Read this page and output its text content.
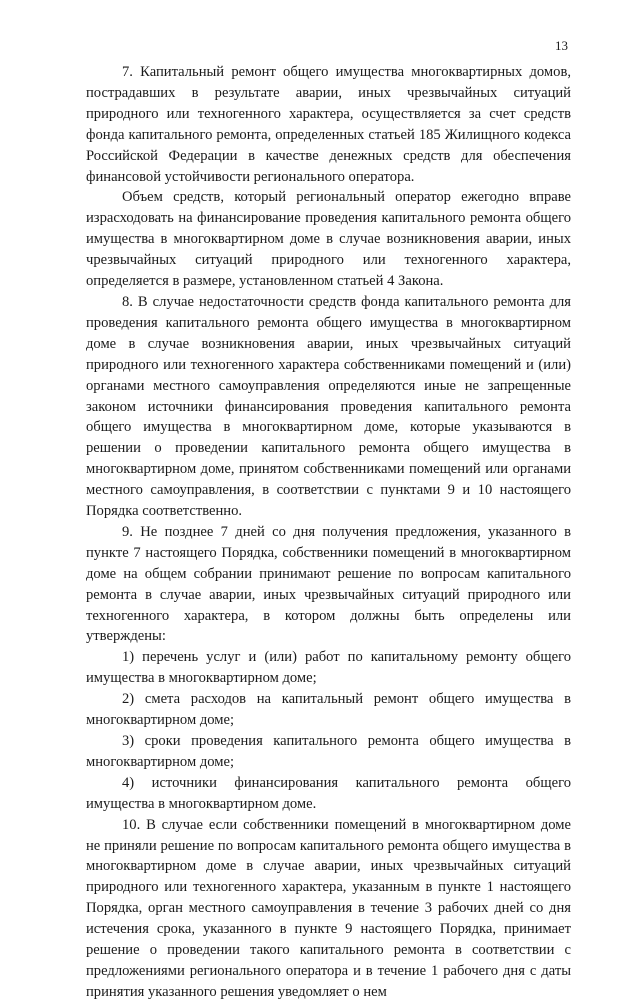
13

7. Капитальный ремонт общего имущества многоквартирных домов, пострадавших в результате аварии, иных чрезвычайных ситуаций природного или техногенного характера, осуществляется за счет средств фонда капитального ремонта, определенных статьей 185 Жилищного кодекса Российской Федерации в качестве денежных средств для обеспечения финансовой устойчивости регионального оператора.

Объем средств, который региональный оператор ежегодно вправе израсходовать на финансирование проведения капитального ремонта общего имущества в многоквартирном доме в случае возникновения аварии, иных чрезвычайных ситуаций природного или техногенного характера, определяется в размере, установленном статьей 4 Закона.

8. В случае недостаточности средств фонда капитального ремонта для проведения капитального ремонта общего имущества в многоквартирном доме в случае возникновения аварии, иных чрезвычайных ситуаций природного или техногенного характера собственниками помещений и (или) органами местного самоуправления определяются иные не запрещенные законом источники финансирования проведения капитального ремонта общего имущества в многоквартирном доме, которые указываются в решении о проведении капитального ремонта общего имущества в многоквартирном доме, принятом собственниками помещений или органами местного самоуправления, в соответствии с пунктами 9 и 10 настоящего Порядка соответственно.

9. Не позднее 7 дней со дня получения предложения, указанного в пункте 7 настоящего Порядка, собственники помещений в многоквартирном доме на общем собрании принимают решение по вопросам капитального ремонта в случае аварии, иных чрезвычайных ситуаций природного или техногенного характера, в котором должны быть определены или утверждены:

1) перечень услуг и (или) работ по капитальному ремонту общего имущества в многоквартирном доме;

2) смета расходов на капитальный ремонт общего имущества в многоквартирном доме;

3) сроки проведения капитального ремонта общего имущества в многоквартирном доме;

4) источники финансирования капитального ремонта общего имущества в многоквартирном доме.

10. В случае если собственники помещений в многоквартирном доме не приняли решение по вопросам капитального ремонта общего имущества в многоквартирном доме в случае аварии, иных чрезвычайных ситуаций природного или техногенного характера, указанным в пункте 1 настоящего Порядка, орган местного самоуправления в течение 3 рабочих дней со дня истечения срока, указанного в пункте 9 настоящего Порядка, принимает решение о проведении такого капитального ремонта в соответствии с предложениями регионального оператора и в течение 1 рабочего дня с даты принятия указанного решения уведомляет о нем
